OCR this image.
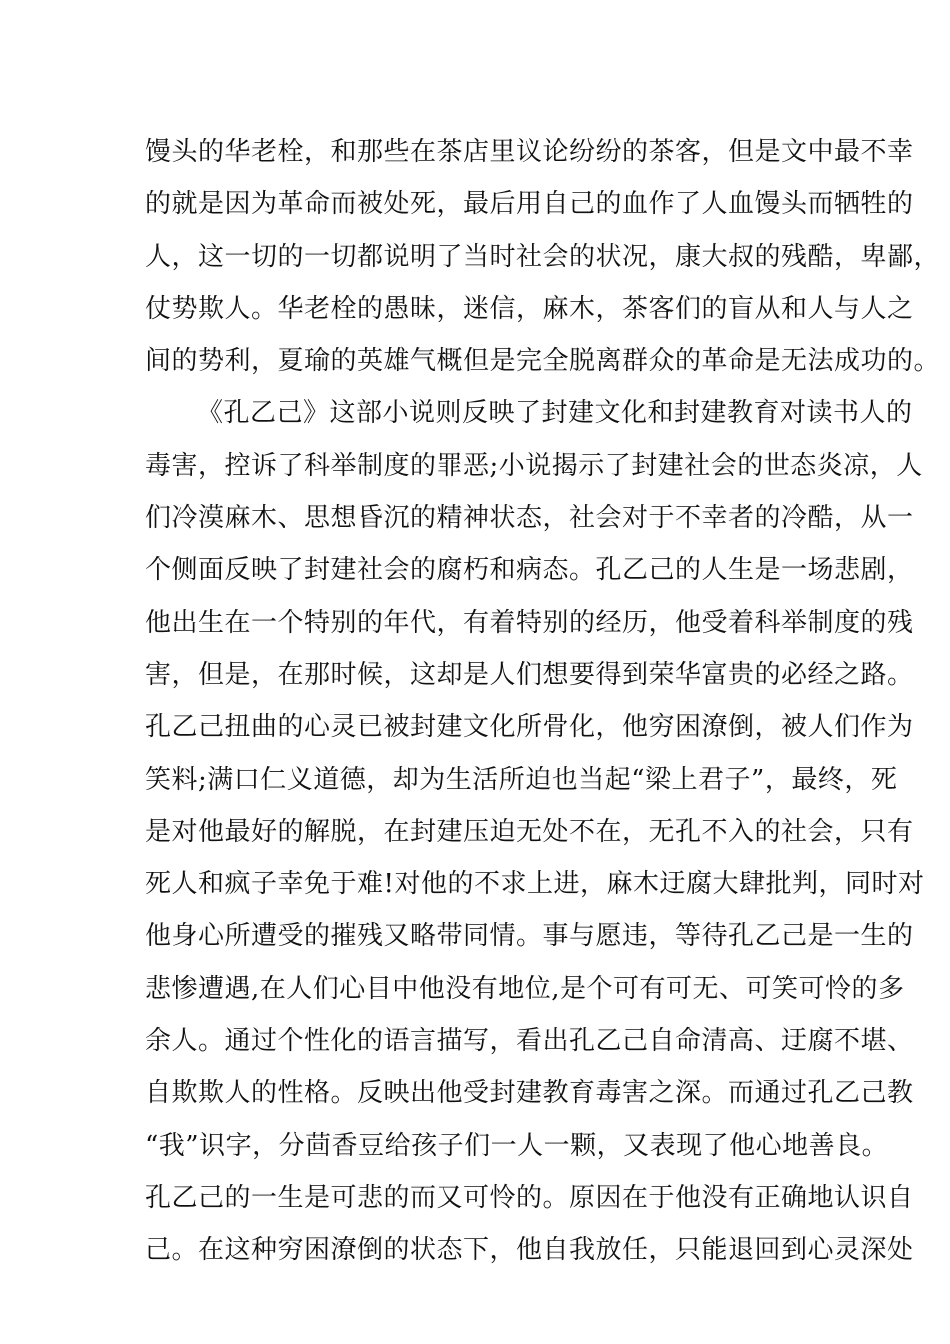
馒头的华老栓，和那些在茶店里议论纷纷的茶客，但是文中最不幸
的就是因为革命而被处死，最后用自己的血作了人血馒头而牺牲的
人，这一切的一切都说明了当时社会的状况，康大叔的残酷，卑鄙，
仗势欺人。华老栓的愚昧，迷信，麻木，茶客们的盲从和人与人之
间的势利，夏瑜的英雄气概但是完全脱离群众的革命是无法成功的。
《孔乙己》这部小说则反映了封建文化和封建教育对读书人的
毒害，控诉了科举制度的罪恶;小说揭示了封建社会的世态炎凉，人
们冷漠麻木、思想昏沉的精神状态，社会对于不幸者的冷酷，从一
个侧面反映了封建社会的腐朽和病态。孔乙己的人生是一场悲剧，
他出生在一个特别的年代，有着特别的经历，他受着科举制度的残
害，但是，在那时候，这却是人们想要得到荣华富贵的必经之路。
孔乙己扭曲的心灵已被封建文化所骨化，他穷困潦倒，被人们作为
笑料;满口仁义道德，却为生活所迫也当起“梁上君子”，最终，死
是对他最好的解脱，在封建压迫无处不在，无孔不入的社会，只有
死人和疯子幸免于难!对他的不求上进，麻木迂腐大肆批判，同时对
他身心所遭受的摧残又略带同情。事与愿违，等待孔乙己是一生的
悲惨遭遇,在人们心目中他没有地位,是个可有可无、可笑可怜的多
余人。通过个性化的语言描写，看出孔乙己自命清高、迂腐不堪、
自欺欺人的性格。反映出他受封建教育毒害之深。而通过孔乙己教
“我”识字，分茴香豆给孩子们一人一颗，又表现了他心地善良。
孔乙己的一生是可悲的而又可怜的。原因在于他没有正确地认识自
己。在这种穷困潦倒的状态下，他自我放任，只能退回到心灵深处
